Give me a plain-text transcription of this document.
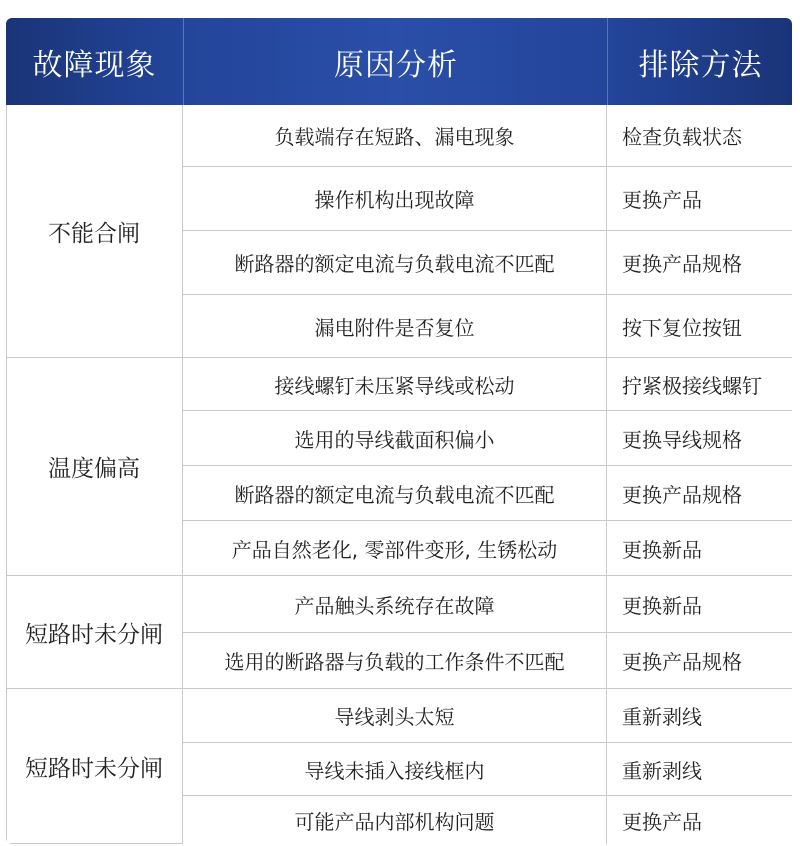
故障现象	原因分析	排除方法
不能合闸
负载端存在短路、漏电现象	检查负载状态
操作机构出现故障	更换产品
断路器的额定电流与负载电流不匹配	更换产品规格
漏电附件是否复位	按下复位按钮
温度偏高
接线螺钉未压紧导线或松动	拧紧极接线螺钉
选用的导线截面积偏小	更换导线规格
断路器的额定电流与负载电流不匹配	更换产品规格
产品自然老化, 零部件变形, 生锈松动	更换新品
短路时未分闸
产品触头系统存在故障	更换新品
选用的断路器与负载的工作条件不匹配	更换产品规格
短路时未分闸
导线剥头太短	重新剥线
导线未插入接线框内	重新剥线
可能产品内部机构问题	更换产品
